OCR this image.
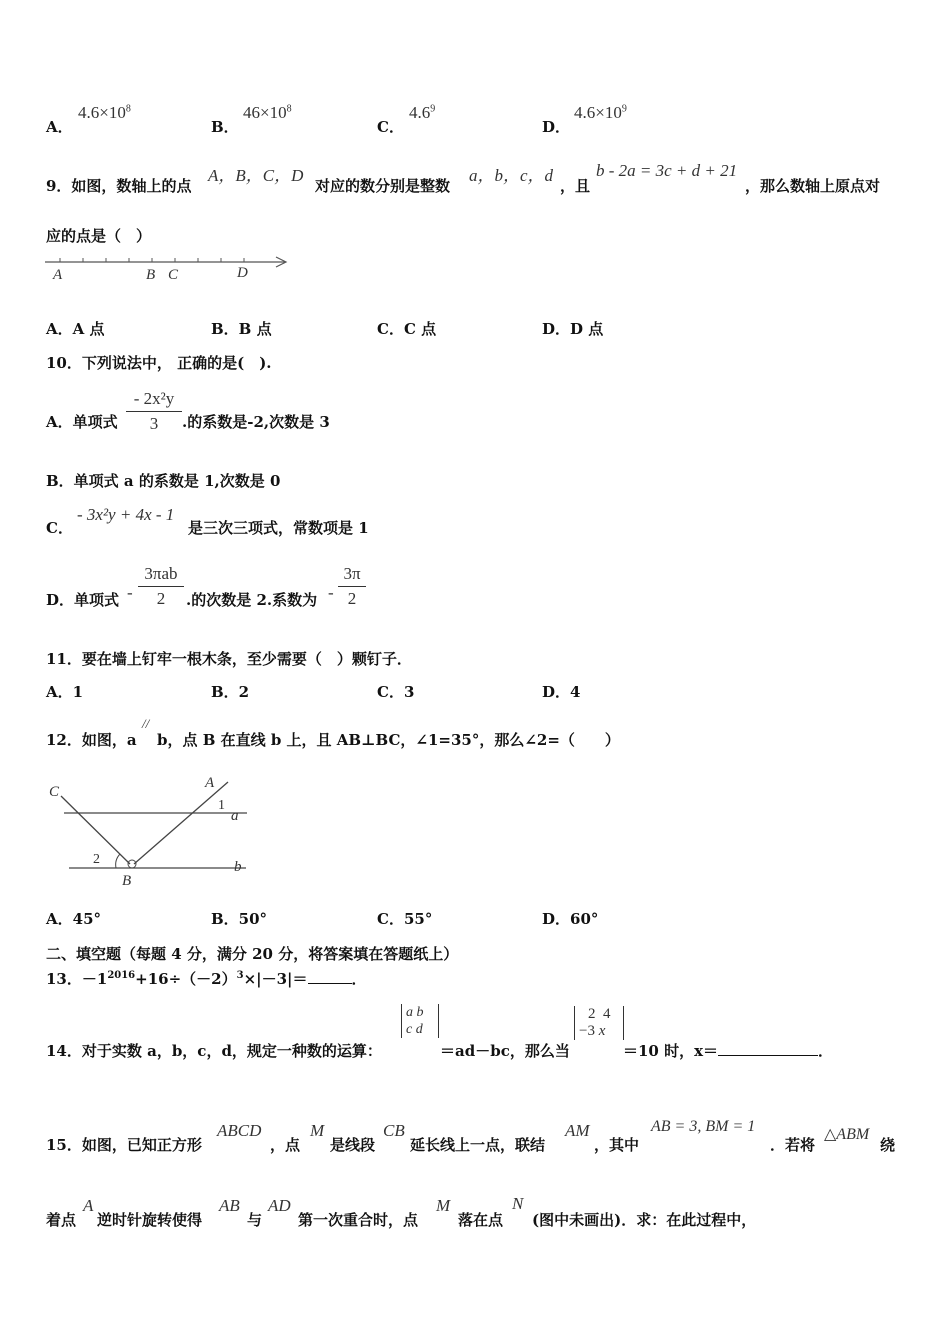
A．
$4.6\times 10^8$
B．
$46\times 10^8$
C．
$4.6^9$
D．
$4.6\times 10^9$
9．如图，数轴上的点
A，B，C，D
对应的数分别是整数
a，b，c，d
，且
b - 2a = 3c + d + 21
，那么数轴上原点对
应的点是（　）
A	B C	D
A．A 点	B．B 点	C．C 点	D．D 点
10．下列说法中， 正确的是(　).
A．单项式
- 2x²y
3	.的系数是-2,次数是 3
B．单项式 a 的系数是 1,次数是 0
C．
- 3x²y + 4x - 1
是三次三项式，常数项是 1
D．单项式 -
3πab
2	.的次数是 2.系数为 -
3π
2
11．要在墙上钉牢一根木条，至少需要（　）颗钉子．
A．1	B．2	C．3	D．4
12．如图，a
//
b，点 B 在直线 b 上，且 AB⊥BC，∠1=35°，那么∠2=（　　）
C
A
a
B
b
1
2
A．45°	B．50°	C．55°	D．60°
二、填空题（每题 4 分，满分 20 分，将答案填在答题纸上）
13．$-1^{2016}+16\div(-2)^3\times|-3|=$	．
14．对于实数 a，b，c，d，规定一种数的运算：
a b
c d
＝ad－bc，那么当
2 4
−3 x
＝10 时，x＝	．
15．如图，已知正方形
ABCD
，点
M
是线段
CB
延长线上一点，联结
AM
，其中
AB = 3, BM = 1
．若将
△ABM
绕
着点
A
逆时针旋转使得
AB
与
AD
第一次重合时，点
M
落在点
N
(图中未画出)．求：在此过程中，
